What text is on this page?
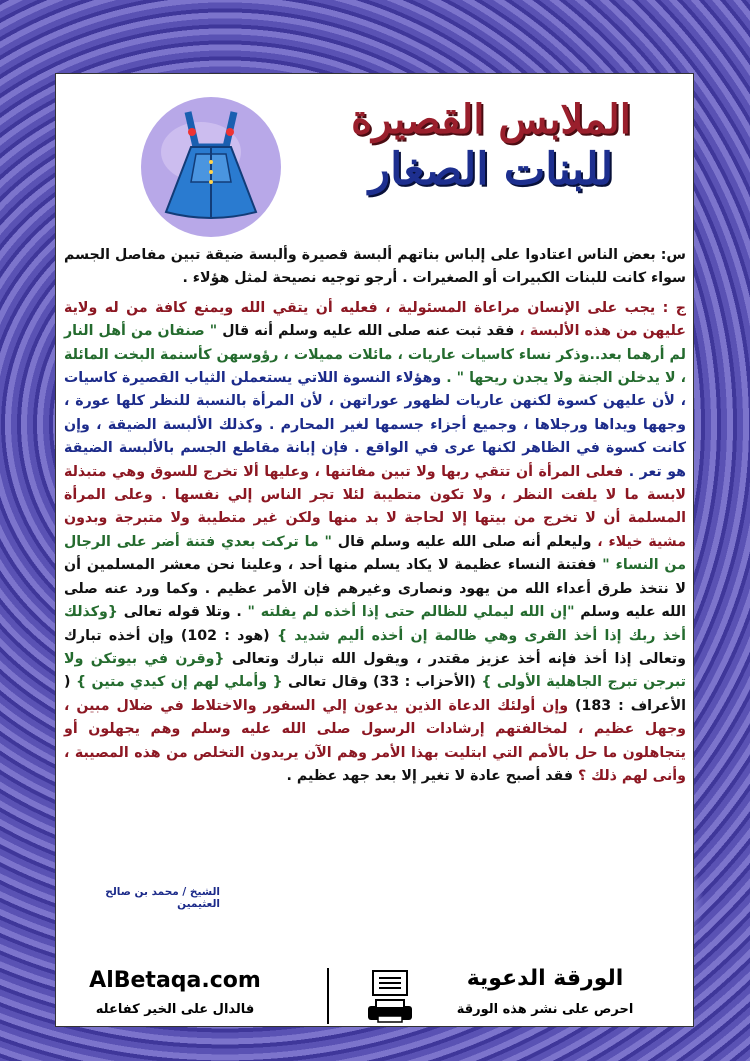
الملابس القصيرة
للبنات الصغار

س: بعض الناس اعتادوا على إلباس بناتهم ألبسة قصيرة وألبسة ضيقة تبين مفاصل الجسم سواء كانت للبنات الكبيرات أو الصغيرات . أرجو توجيه نصيحة لمثل هؤلاء .

ج : يجب على الإنسان مراعاة المسئولية ، فعليه أن يتقي الله ويمنع كافة من له ولاية عليهن من هذه الألبسة ، فقد ثبت عنه صلى الله عليه وسلم أنه قال " صنفان من أهل النار لم أرهما بعد..وذكر نساء كاسيات عاريات ، مائلات مميلات ، رؤوسهن كأسنمة البخت المائلة ، لا يدخلن الجنة ولا يجدن ريحها " . وهؤلاء النسوة اللاتي يستعملن الثياب القصيرة كاسيات ، لأن عليهن كسوة لكنهن عاريات لظهور عوراتهن ، لأن المرأة بالنسبة للنظر كلها عورة ، وجهها ويداها ورجلاها ، وجميع أجزاء جسمها لغير المحارم . وكذلك الألبسة الضيقة ، وإن كانت كسوة في الظاهر لكنها عرى في الواقع . فإن إبانة مقاطع الجسم بالألبسة الضيقة هو تعر . فعلى المرأة أن تتقي ربها ولا تبين مفاتنها ، وعليها ألا تخرج للسوق وهي متبذلة لابسة ما لا يلفت النظر ، ولا تكون متطيبة لئلا تجر الناس إلي نفسها . وعلى المرأة المسلمة أن لا تخرج من بيتها إلا لحاجة لا بد منها ولكن غير متطيبة ولا متبرجة وبدون مشية خيلاء ، وليعلم أنه صلى الله عليه وسلم قال " ما تركت بعدي فتنة أضر على الرجال من النساء " ففتنة النساء عظيمة لا يكاد يسلم منها أحد ، وعلينا نحن معشر المسلمين أن لا نتخذ طرق أعداء الله من يهود ونصارى وغيرهم فإن الأمر عظيم . وكما ورد عنه صلى الله عليه وسلم "إن الله ليملي للظالم حتى إذا أخذه لم يفلته " . وتلا قوله تعالى {وكذلك أخذ ربك إذا أخذ القرى وهي ظالمة إن أخذه أليم شديد } (هود : 102) وإن أخذه تبارك وتعالى إذا أخذ فإنه أخذ عزيز مقتدر ، ويقول الله تبارك وتعالى {وقرن في بيوتكن ولا تبرجن تبرج الجاهلية الأولى } (الأحزاب : 33) وقال تعالى { وأملي لهم إن كيدي متين } ( الأعراف : 183) وإن أولئك الدعاة الذين يدعون إلي السفور والاختلاط في ضلال مبين ، وجهل عظيم ، لمخالفتهم إرشادات الرسول صلى الله عليه وسلم وهم يجهلون أو يتجاهلون ما حل بالأمم التي ابتليت بهذا الأمر وهم الآن يريدون التخلص من هذه المصيبة ، وأنى لهم ذلك ؟ فقد أصبح عادة لا تغير إلا بعد جهد عظيم .

الشيخ / محمد بن صالح العثيمين
AlBetaqa.com
فالدال على الخير كفاعله
الورقة الدعوية
احرص على نشر هذه الورقة
